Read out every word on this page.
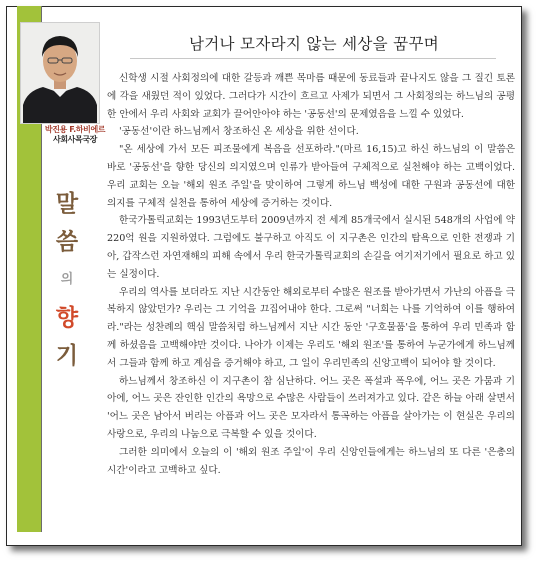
박진용 F.하비에르
사회사목국장
말
씀
의
향
기
남거나 모자라지 않는 세상을 꿈꾸며

신학생 시절 사회정의에 대한 갈등과 깨쁜 목마름 때문에 동료들과 끝나지도 않을 그 질긴 토론에 각을 새웠던 적이 있었다. 그러다가 시간이 흐르고 사제가 되면서 그 사회정의는 하느님의 공평한 안에서 우리 사회와 교회가 끌어안아야 하는 '공동선'의 문제였음을 느낄 수 있었다.

'공동선'이란 하느님께서 창조하신 온 세상을 위한 선이다.

"온 세상에 가서 모든 피조물에게 복음을 선포하라."(마르 16,15)고 하신 하느님의 이 말씀은 바로 '공동선'을 향한 당신의 의지였으며 인류가 받아들여 구체적으로 실천해야 하는 고백이었다. 우리 교회는 오늘 '해외 원조 주일'을 맞이하여 그렇게 하느님 백성에 대한 구원과 공동선에 대한 의지를 구체적 실천을 통하여 세상에 증거하는 것이다.

한국가톨릭교회는 1993년도부터 2009년까지 전 세계 85개국에서 실시된 548개의 사업에 약 220억 원을 지원하였다. 그럼에도 불구하고 아직도 이 지구촌은 인간의 탐욕으로 인한 전쟁과 기아, 갑작스런 자연재해의 피해 속에서 우리 한국가톨릭교회의 손길을 여기저기에서 필요로 하고 있는 실정이다.

우리의 역사를 보더라도 지난 시간동안 해외로부터 수많은 원조를 받아가면서 가난의 아픔을 극복하지 않았던가? 우리는 그 기억을 끄집어내야 한다. 그로써 "너희는 나를 기억하여 이를 행하여라."라는 성찬례의 핵심 말씀처럼 하느님께서 지난 시간 동안 '구호물품'을 통하여 우리 민족과 함께 하셨음을 고백해야만 것이다. 나아가 이제는 우리도 '해외 원조'를 통하여 누군가에게 하느님께서 그들과 함께 하고 계심을 증거해야 하고, 그 일이 우리민족의 신앙고백이 되어야 할 것이다.

하느님께서 창조하신 이 지구촌이 참 심난하다. 어느 곳은 폭설과 폭우에, 어느 곳은 가뭄과 기아에, 어느 곳은 잔인한 인간의 욕망으로 수많은 사람들이 쓰러져가고 있다. 같은 하늘 아래 살면서 '어느 곳은 남아서 버리는 아픔과 어느 곳은 모자라서 통곡하는 아픔을 살아가는 이 현실은 우리의 사랑으로, 우리의 나눔으로 극복할 수 있을 것이다.

그러한 의미에서 오늘의 이 '해외 원조 주일'이 우리 신앙인들에게는 하느님의 또 다른 '은총의 시간'이라고 고백하고 싶다.
